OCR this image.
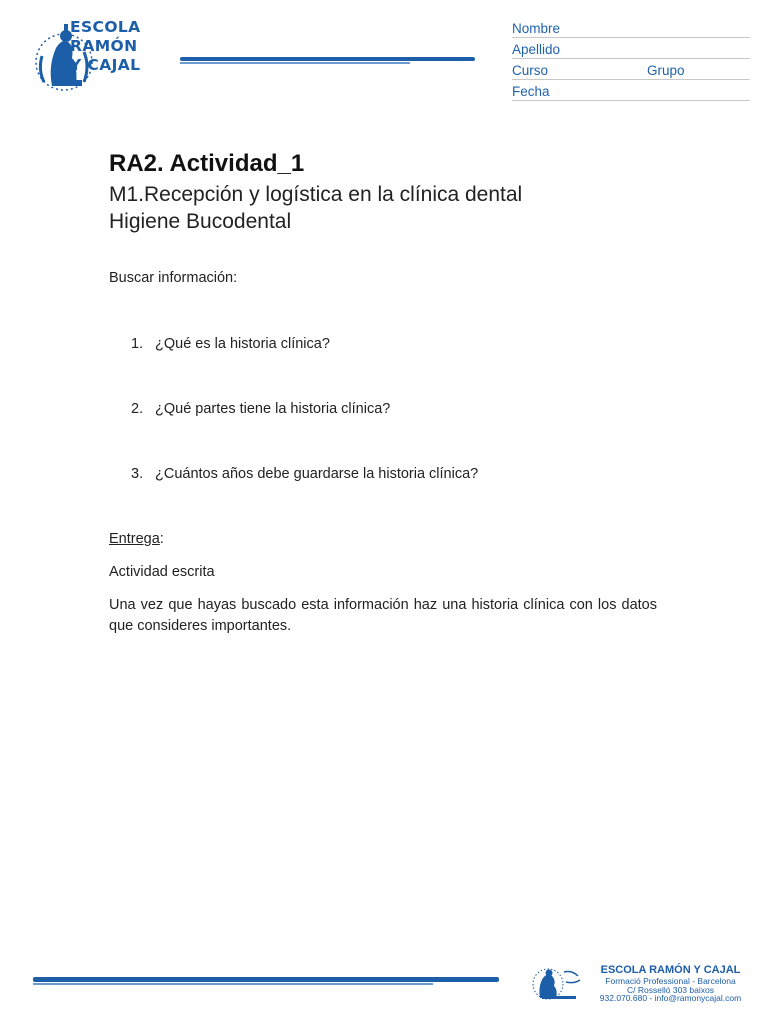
ESCOLA
RAMÓN
Y CAJAL
Nombre
Apellido
Curso	Grupo
Fecha
RA2. Actividad_1
M1.Recepción y logística en la clínica dental
Higiene Bucodental
Buscar información:
1. ¿Qué es la historia clínica?
2. ¿Qué partes tiene la historia clínica?
3. ¿Cuántos años debe guardarse la historia clínica?
Entrega:
Actividad escrita
Una vez que hayas buscado esta información haz una historia clínica con los datos que consideres importantes.
ESCOLA RAMÓN Y CAJAL
Formació Professional - Barcelona
C/ Rosselló 303 baixos
932.070.680 - info@ramonycajal.com
